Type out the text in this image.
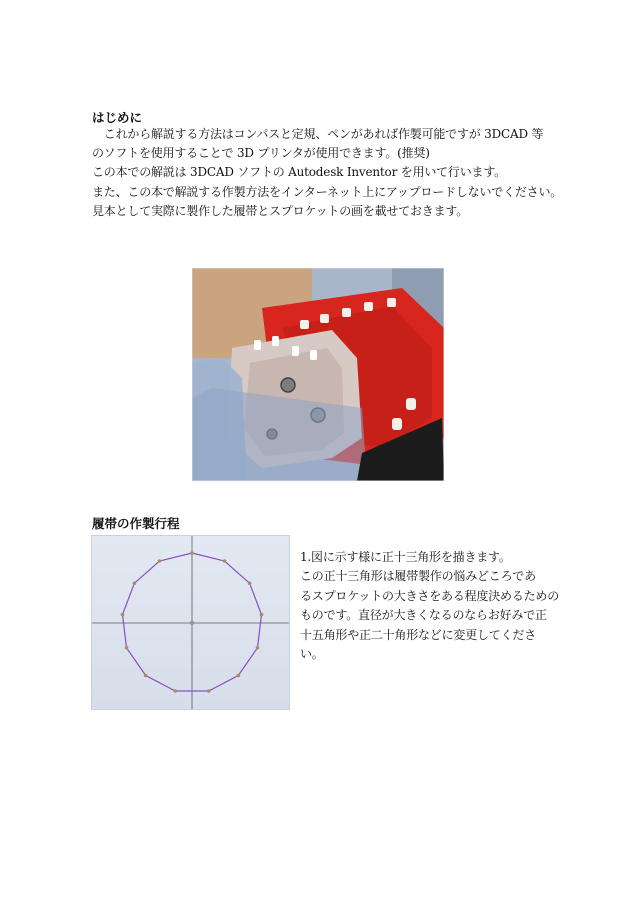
はじめに
　これから解説する方法はコンパスと定規、ペンがあれば作製可能ですが 3DCAD 等
のソフトを使用することで 3D プリンタが使用できます。(推奨)
この本での解説は 3DCAD ソフトの Autodesk Inventor を用いて行います。
また、この本で解説する作製方法をインターネット上にアップロードしないでください。
見本として実際に製作した履帯とスプロケットの画を載せておきます。
履帯の作製行程
1.図に示す様に正十三角形を描きます。
この正十三角形は履帯製作の悩みどころであ
るスプロケットの大きさをある程度決めるための
ものです。直径が大きくなるのならお好みで正
十五角形や正二十角形などに変更してくださ
い。
